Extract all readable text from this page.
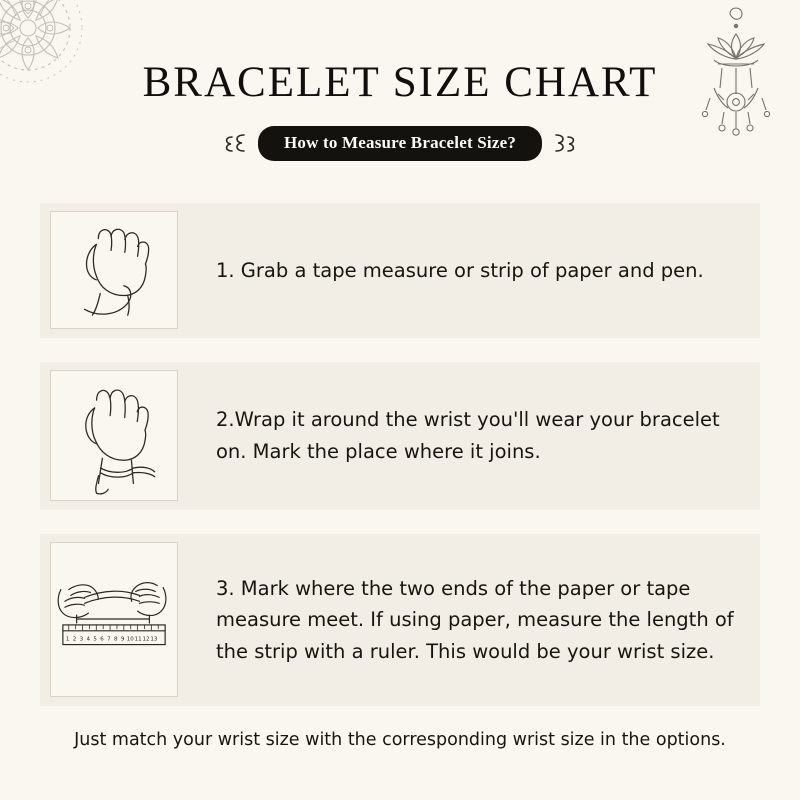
BRACELET SIZE CHART
How to Measure Bracelet Size?
1. Grab a tape measure or strip of paper and pen.
2.Wrap it around the wrist you'll wear your bracelet on. Mark the place where it joins.
1 2 3 4 5 6 7 8 9 10 11 12 13
3. Mark where the two ends of the paper or tape measure meet. If using paper, measure the length of the strip with a ruler. This would be your wrist size.
Just match your wrist size with the corresponding wrist size in the options.
